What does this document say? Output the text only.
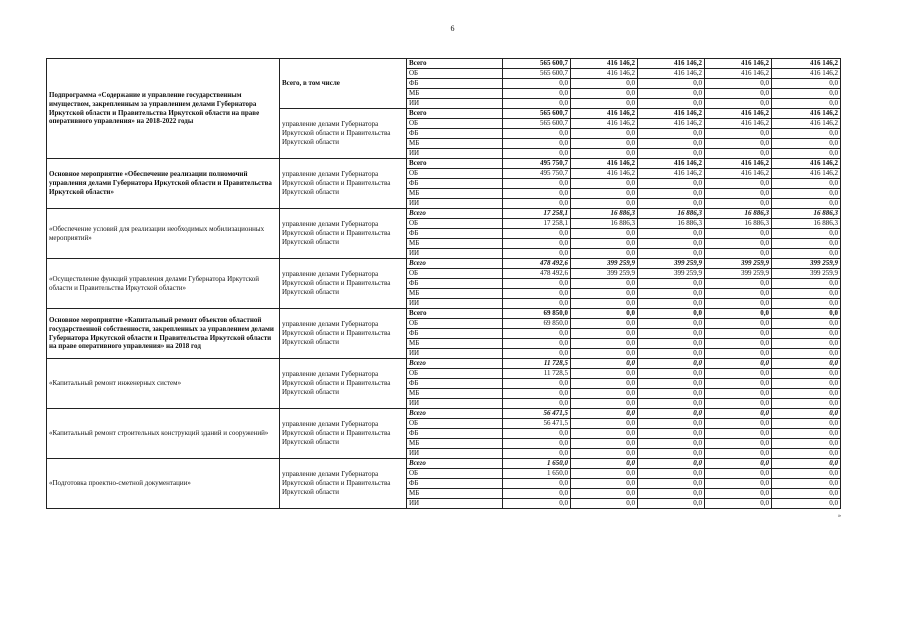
6
Подпрограмма «Содержание и управление государственным имуществом, закрепленным за управлением делами Губернатора Иркутской области и Правительства Иркутской области на праве оперативного управления» на 2018-2022 годы	Всего, в том числе	Всего	565 600,7	416 146,2	416 146,2	416 146,2	416 146,2
		ОБ	565 600,7	416 146,2	416 146,2	416 146,2	416 146,2
		ФБ	0,0	0,0	0,0	0,0	0,0
		МБ	0,0	0,0	0,0	0,0	0,0
		ИИ	0,0	0,0	0,0	0,0	0,0
	управление делами Губернатора Иркутской области и Правительства Иркутской области	Всего	565 600,7	416 146,2	416 146,2	416 146,2	416 146,2
		ОБ	565 600,7	416 146,2	416 146,2	416 146,2	416 146,2
		ФБ	0,0	0,0	0,0	0,0	0,0
		МБ	0,0	0,0	0,0	0,0	0,0
		ИИ	0,0	0,0	0,0	0,0	0,0
Основное мероприятие «Обеспечение реализации полномочий управления делами Губернатора Иркутской области и Правительства Иркутской области»	управление делами Губернатора Иркутской области и Правительства Иркутской области	Всего	495 750,7	416 146,2	416 146,2	416 146,2	416 146,2
		ОБ	495 750,7	416 146,2	416 146,2	416 146,2	416 146,2
		ФБ	0,0	0,0	0,0	0,0	0,0
		МБ	0,0	0,0	0,0	0,0	0,0
		ИИ	0,0	0,0	0,0	0,0	0,0
«Обеспечение условий для реализации необходимых мобилизационных мероприятий»	управление делами Губернатора Иркутской области и Правительства Иркутской области	Всего	17 258,1	16 886,3	16 886,3	16 886,3	16 886,3
		ОБ	17 258,1	16 886,3	16 886,3	16 886,3	16 886,3
		ФБ	0,0	0,0	0,0	0,0	0,0
		МБ	0,0	0,0	0,0	0,0	0,0
		ИИ	0,0	0,0	0,0	0,0	0,0
«Осуществление функций управления делами Губернатора Иркутской области и Правительства Иркутской области»	управление делами Губернатора Иркутской области и Правительства Иркутской области	Всего	478 492,6	399 259,9	399 259,9	399 259,9	399 259,9
		ОБ	478 492,6	399 259,9	399 259,9	399 259,9	399 259,9
		ФБ	0,0	0,0	0,0	0,0	0,0
		МБ	0,0	0,0	0,0	0,0	0,0
		ИИ	0,0	0,0	0,0	0,0	0,0
Основное мероприятие «Капитальный ремонт объектов областной государственной собственности, закрепленных за управлением делами Губернатора Иркутской области и Правительства Иркутской области на праве оперативного управления» на 2018 год	управление делами Губернатора Иркутской области и Правительства Иркутской области	Всего	69 850,0	0,0	0,0	0,0	0,0
		ОБ	69 850,0	0,0	0,0	0,0	0,0
		ФБ	0,0	0,0	0,0	0,0	0,0
		МБ	0,0	0,0	0,0	0,0	0,0
		ИИ	0,0	0,0	0,0	0,0	0,0
«Капитальный ремонт инженерных систем»	управление делами Губернатора Иркутской области и Правительства Иркутской области	Всего	11 728,5	0,0	0,0	0,0	0,0
		ОБ	11 728,5	0,0	0,0	0,0	0,0
		ФБ	0,0	0,0	0,0	0,0	0,0
		МБ	0,0	0,0	0,0	0,0	0,0
		ИИ	0,0	0,0	0,0	0,0	0,0
«Капитальный ремонт строительных конструкций зданий и сооружений»	управление делами Губернатора Иркутской области и Правительства Иркутской области	Всего	56 471,5	0,0	0,0	0,0	0,0
		ОБ	56 471,5	0,0	0,0	0,0	0,0
		ФБ	0,0	0,0	0,0	0,0	0,0
		МБ	0,0	0,0	0,0	0,0	0,0
		ИИ	0,0	0,0	0,0	0,0	0,0
«Подготовка проектно-сметной документации»	управление делами Губернатора Иркутской области и Правительства Иркутской области	Всего	1 650,0	0,0	0,0	0,0	0,0
		ОБ	1 650,0	0,0	0,0	0,0	0,0
		ФБ	0,0	0,0	0,0	0,0	0,0
		МБ	0,0	0,0	0,0	0,0	0,0
		ИИ	0,0	0,0	0,0	0,0	0,0
»
